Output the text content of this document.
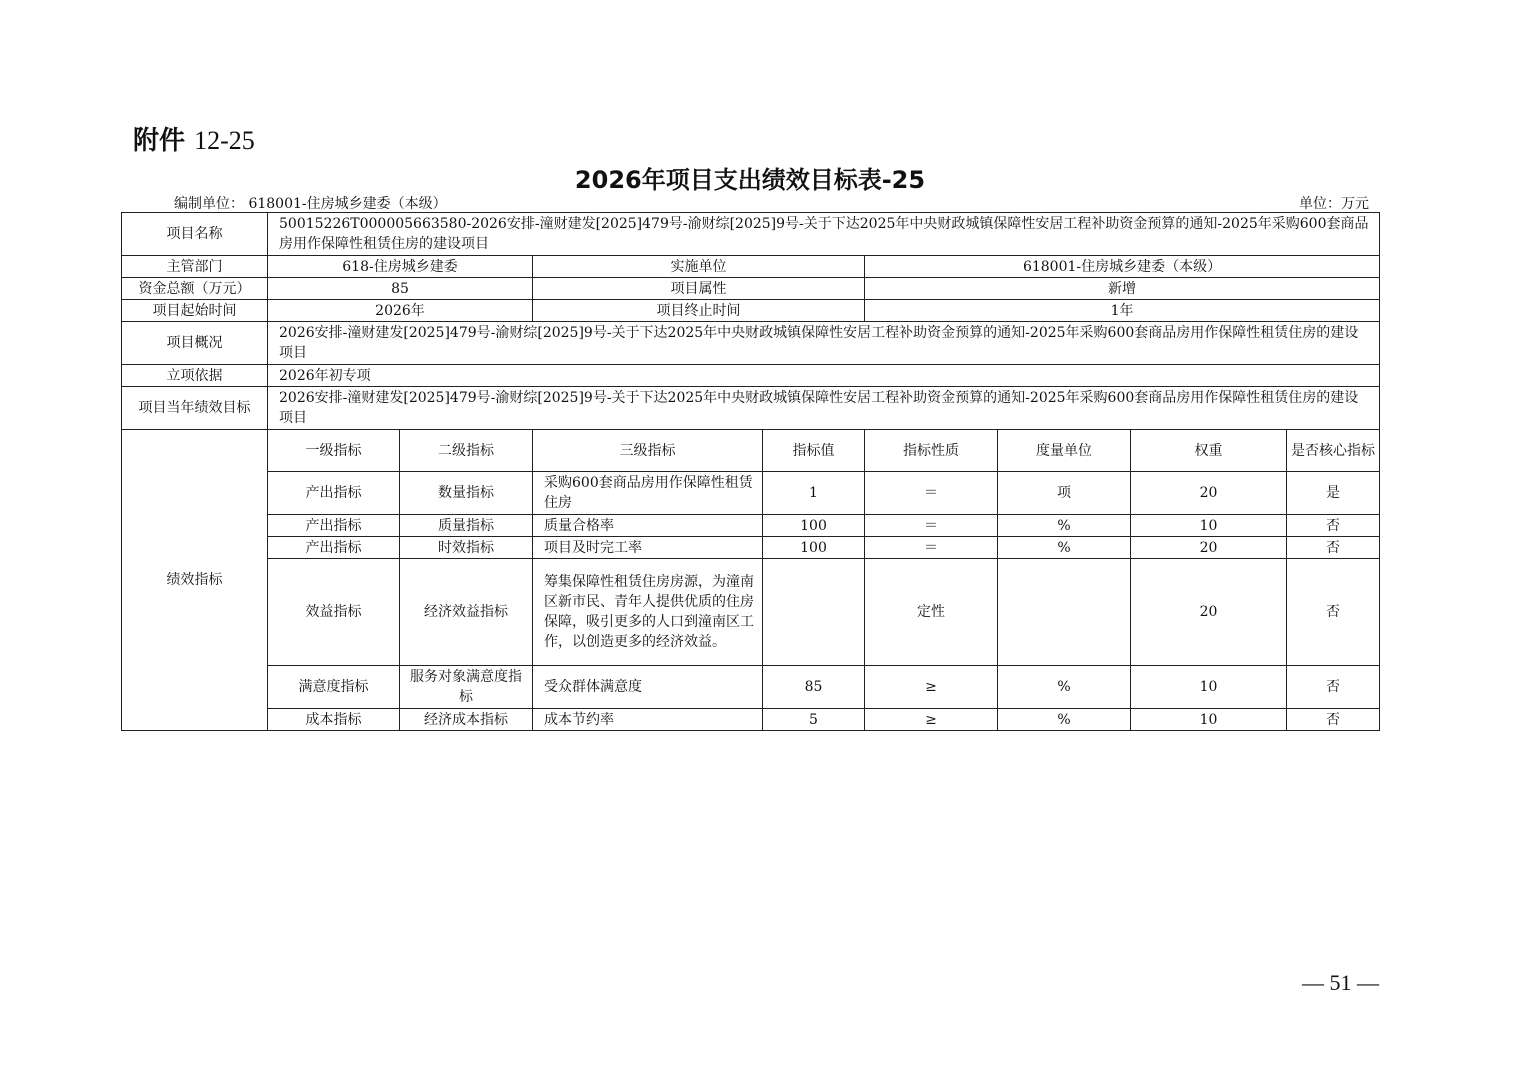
附件 12-25
2026年项目支出绩效目标表-25
编制单位： 618001-住房城乡建委（本级）	单位：万元
项目名称	50015226T000005663580-2026安排-潼财建发[2025]479号-渝财综[2025]9号-关于下达2025年中央财政城镇保障性安居工程补助资金预算的通知-2025年采购600套商品房用作保障性租赁住房的建设项目							
主管部门	618-住房城乡建委		实施单位		618001-住房城乡建委（本级）			
资金总额（万元）	85		项目属性		新增			
项目起始时间	2026年		项目终止时间		1年			
项目概况	2026安排-潼财建发[2025]479号-渝财综[2025]9号-关于下达2025年中央财政城镇保障性安居工程补助资金预算的通知-2025年采购600套商品房用作保障性租赁住房的建设项目							
立项依据	2026年初专项							
项目当年绩效目标	2026安排-潼财建发[2025]479号-渝财综[2025]9号-关于下达2025年中央财政城镇保障性安居工程补助资金预算的通知-2025年采购600套商品房用作保障性租赁住房的建设项目							
绩效指标	一级指标	二级指标	三级指标	指标值	指标性质	度量单位	权重	是否核心指标
	产出指标	数量指标	采购600套商品房用作保障性租赁住房	1	＝	项	20	是
	产出指标	质量指标	质量合格率	100	＝	%	10	否
	产出指标	时效指标	项目及时完工率	100	＝	%	20	否
	效益指标	经济效益指标	筹集保障性租赁住房房源，为潼南区新市民、青年人提供优质的住房保障，吸引更多的人口到潼南区工作，以创造更多的经济效益。		定性		20	否
	满意度指标	服务对象满意度指标	受众群体满意度	85	≥	%	10	否
	成本指标	经济成本指标	成本节约率	5	≥	%	10	否
— 51 —
